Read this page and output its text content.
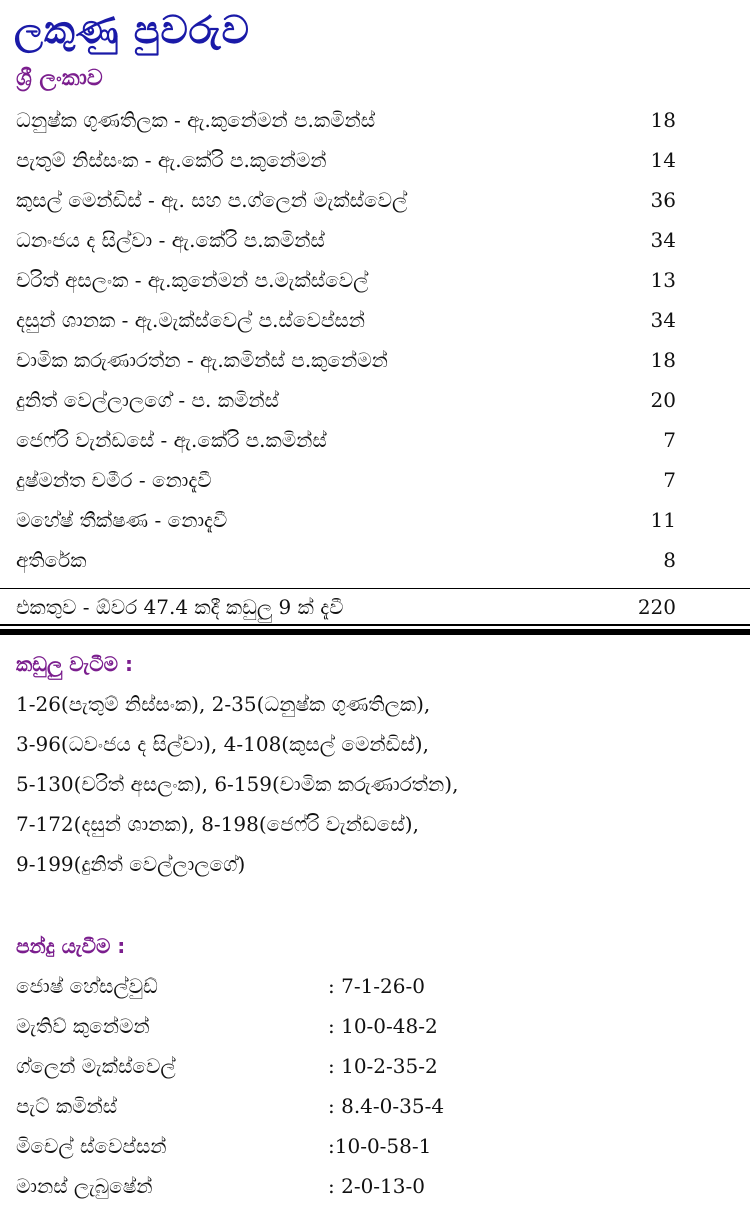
ලකුණු පුවරුව
ශ්‍රී ලංකාව
ධනුෂ්ක ගුණතිලක - ඇ.කුනේමන් ප.කමින්ස්	18
පැතුම් නිස්සංක - ඇ.කේරි ප.කුනේමන්	14
කුසල් මෙන්ඩිස් - ඇ. සහ ප.ග්ලෙන් මැක්ස්වෙල්	36
ධනංජය ද සිල්වා - ඇ.කේරි ප.කමින්ස්	34
චරිත් අසලංක - ඇ.කුනේමන් ප.මැක්ස්වෙල්	13
දසුන් ශානක - ඇ.මැක්ස්වෙල් ප.ස්වෙප්සන්	34
චාමික කරුණාරත්න - ඇ.කමින්ස් ප.කුනේමන්	18
දුනිත් වෙල්ලාලගේ - ප. කමින්ස්	20
ජෙෆ්රි වැන්ඩසේ - ඇ.කේරි ප.කමින්ස්	7
දුෂ්මන්ත චමීර - නොදැවී	7
මහේෂ් තීක්ෂණ - නොදැවී	11
අතිරේක	8
එකතුව - ඕවර 47.4 කදී කඩුලු 9 ක් දැවී	220
කඩුලු වැටීම :
1-26(පැතුම් නිස්සංක), 2-35(ධනුෂ්ක ගුණතිලක),
3-96(ධවංජය ද සිල්වා), 4-108(කුසල් මෙන්ඩිස්),
5-130(චරිත් අසලංක), 6-159(චාමික කරුණාරත්න),
7-172(දසුන් ශානක), 8-198(ජෙෆ්රි වැන්ඩසේ),
9-199(දුනිත් වෙල්ලාලගේ)
පන්දු යැවීම :
ජොෂ් හේසල්වුඩ්	: 7-1-26-0
මැතිව් කුනේමන්	: 10-0-48-2
ග්ලෙන් මැක්ස්වෙල්	: 10-2-35-2
පැට් කමින්ස්	: 8.4-0-35-4
මිචෙල් ස්වෙප්සන්	:10-0-58-1
මානස් ලැබුෂේන්	: 2-0-13-0
